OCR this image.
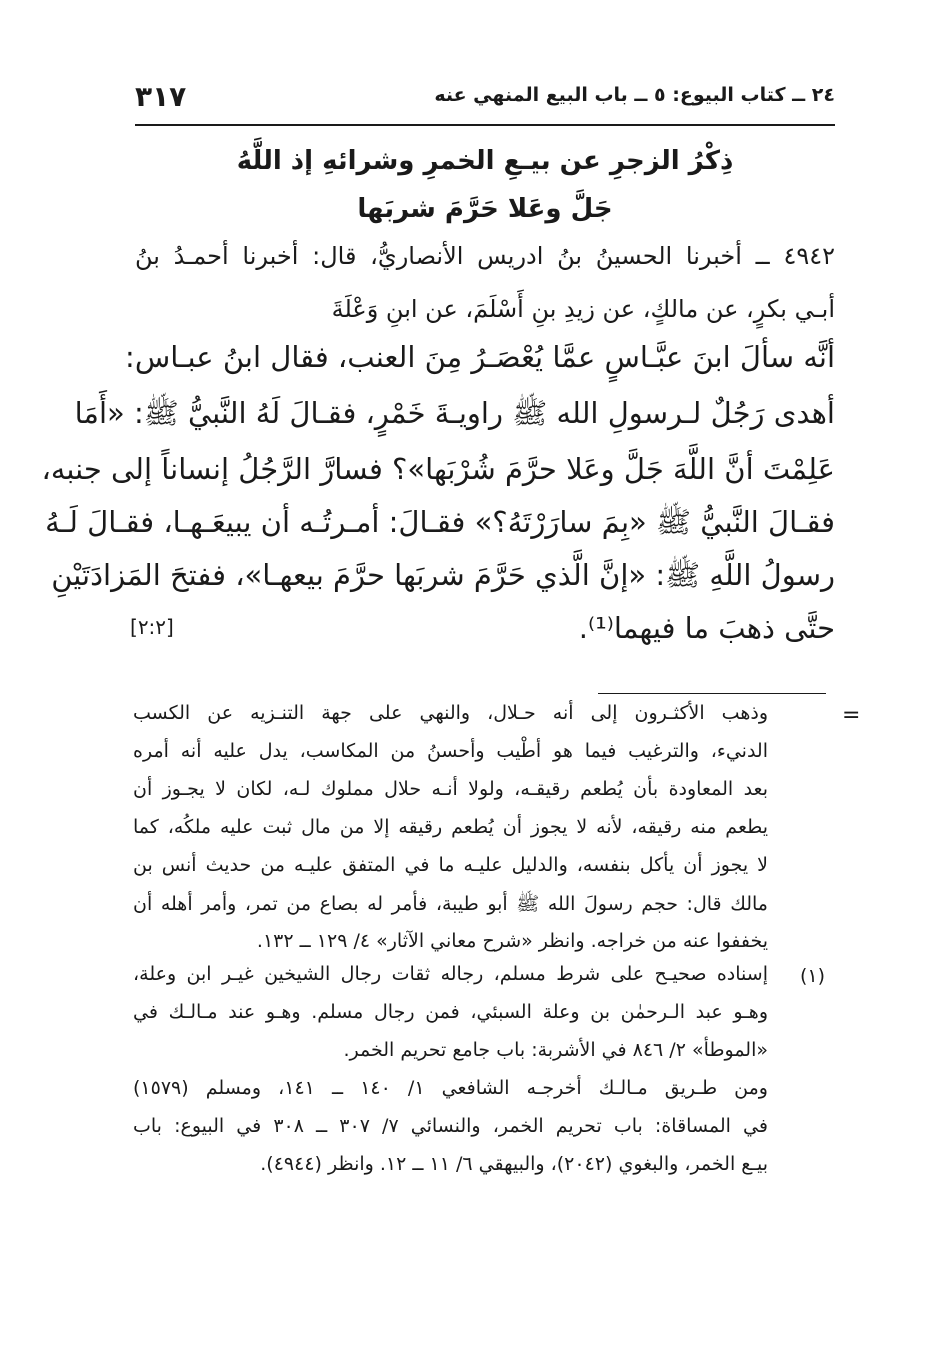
٣١٧	٢٤ ــ كتاب البيوع: ٥ ــ باب البيع المنهي عنه
ذِكْرُ الزجرِ عن بيـعِ الخمرِ وشرائهِ إذ اللَّهُ
جَلَّ وعَلا حَرَّمَ شربَها
٤٩٤٢ ــ أخبرنا الحسينُ بنُ ادريس الأنصاريُّ، قال: أخبرنا أحمـدُ بنُ
أبـي بكرٍ، عن مالكٍ، عن زيدِ بنِ أَسْلَمَ، عن ابنِ وَعْلَةَ
أنَّه سألَ ابنَ عبَّـاسٍ عمَّا يُعْصَـرُ مِنَ العنب، فقال ابنُ عبـاس:
أهدى رَجُلٌ لـرسولِ الله ﷺ راويـةَ خَمْرٍ، فقـالَ لَهُ النَّبيُّ ﷺ: «أَمَا
عَلِمْتَ أنَّ اللَّهَ جَلَّ وعَلا حرَّمَ شُرْبَها»؟ فسارَّ الرَّجُلُ إنساناً إلى جنبه،
فقـالَ النَّبيُّ ﷺ «بِمَ سارَرْتَهُ؟» فقـالَ: أمـرتُـه أن يبيعَـهـا، فقـالَ لَـهُ
رسولُ اللَّهِ ﷺ: «إنَّ الَّذي حَرَّمَ شربَها حرَّمَ بيعهـا»، ففتحَ المَزادَتَيْنِ
حتَّى ذهبَ ما فيهما⁽¹⁾.
[٢:٢]
=
وذهب الأكثـرون إلى أنه حـلال، والنهي على جهة التنـزيه عن الكسب
الدنيء، والترغيب فيما هو أطْيب وأحسنُ من المكاسب، يدل عليه أنه أمره
بعد المعاودة بأن يُطعم رقيقـه، ولولا أنـه حلال مملوك لـه، لكان لا يجـوز أن
يطعم منه رقيقه، لأنه لا يجوز أن يُطعم رقيقه إلا من مال ثبت عليه ملكُه، كما
لا يجوز أن يأكل بنفسه، والدليل عليـه ما في المتفق عليـه من حديث أنس بن
مالك قال: حجم رسولَ الله ﷺ أبو طيبة، فأمر له بصاع من تمر، وأمر أهله أن
يخففوا عنه من خراجه. وانظر «شرح معاني الآثار» ٤/ ١٢٩ ــ ١٣٢.
(١)
إسناده صحيـح على شرط مسلم، رجاله ثقات رجال الشيخين غيـر ابن وعلة،
وهـو عبد الـرحمٰن بن وعلة السبئي، فمن رجال مسلم. وهـو عند مـالـك في
«الموطأ» ٢/ ٨٤٦ في الأشربة: باب جامع تحريم الخمر.
ومن طـريق مـالـك أخرجـه الشافعي ١/ ١٤٠ ــ ١٤١، ومسلم (١٥٧٩)
في المساقاة: باب تحريم الخمر، والنسائي ٧/ ٣٠٧ ــ ٣٠٨ في البيوع: باب
بيـع الخمر، والبغوي (٢٠٤٢)، والبيهقي ٦/ ١١ ــ ١٢. وانظر (٤٩٤٤).
